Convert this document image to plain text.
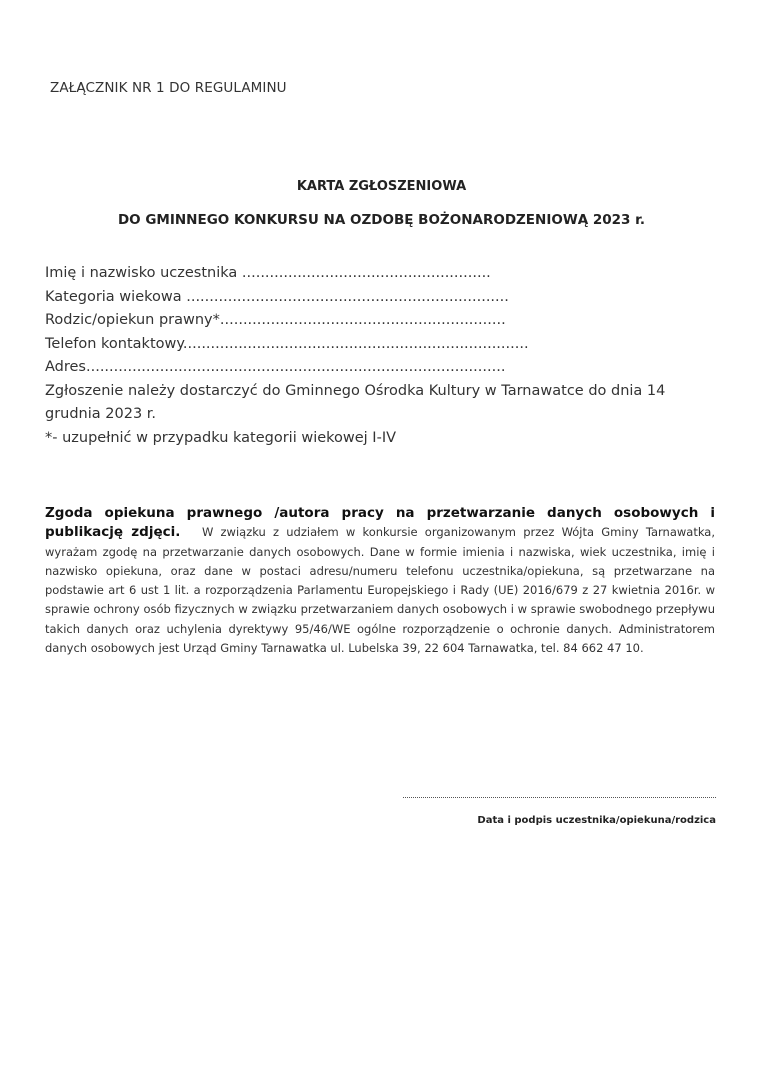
ZAŁĄCZNIK NR 1 DO REGULAMINU
KARTA ZGŁOSZENIOWA
DO GMINNEGO KONKURSU NA OZDOBĘ BOŻONARODZENIOWĄ 2023 r.
Imię i nazwisko uczestnika ......................................................
Kategoria wiekowa ......................................................................
Rodzic/opiekun prawny*..............................................................
Telefon kontaktowy...........................................................................
Adres...........................................................................................
Zgłoszenie należy dostarczyć do Gminnego Ośrodka Kultury w Tarnawatce do dnia 14 grudnia 2023 r.
*- uzupełnić w przypadku kategorii wiekowej I-IV
Zgoda opiekuna prawnego /autora pracy na przetwarzanie danych osobowych i publikację zdjęci. W związku z udziałem w konkursie organizowanym przez Wójta Gminy Tarnawatka, wyrażam zgodę na przetwarzanie danych osobowych. Dane w formie imienia i nazwiska, wiek uczestnika, imię i nazwisko opiekuna, oraz dane w postaci adresu/numeru telefonu uczestnika/opiekuna, są przetwarzane na podstawie art 6 ust 1 lit. a rozporządzenia Parlamentu Europejskiego i Rady (UE) 2016/679 z 27 kwietnia 2016r. w sprawie ochrony osób fizycznych w związku przetwarzaniem danych osobowych i w sprawie swobodnego przepływu takich danych oraz uchylenia dyrektywy 95/46/WE ogólne rozporządzenie o ochronie danych. Administratorem danych osobowych jest Urząd Gminy Tarnawatka ul. Lubelska 39, 22 604 Tarnawatka, tel. 84 662 47 10.
Data i podpis uczestnika/opiekuna/rodzica
